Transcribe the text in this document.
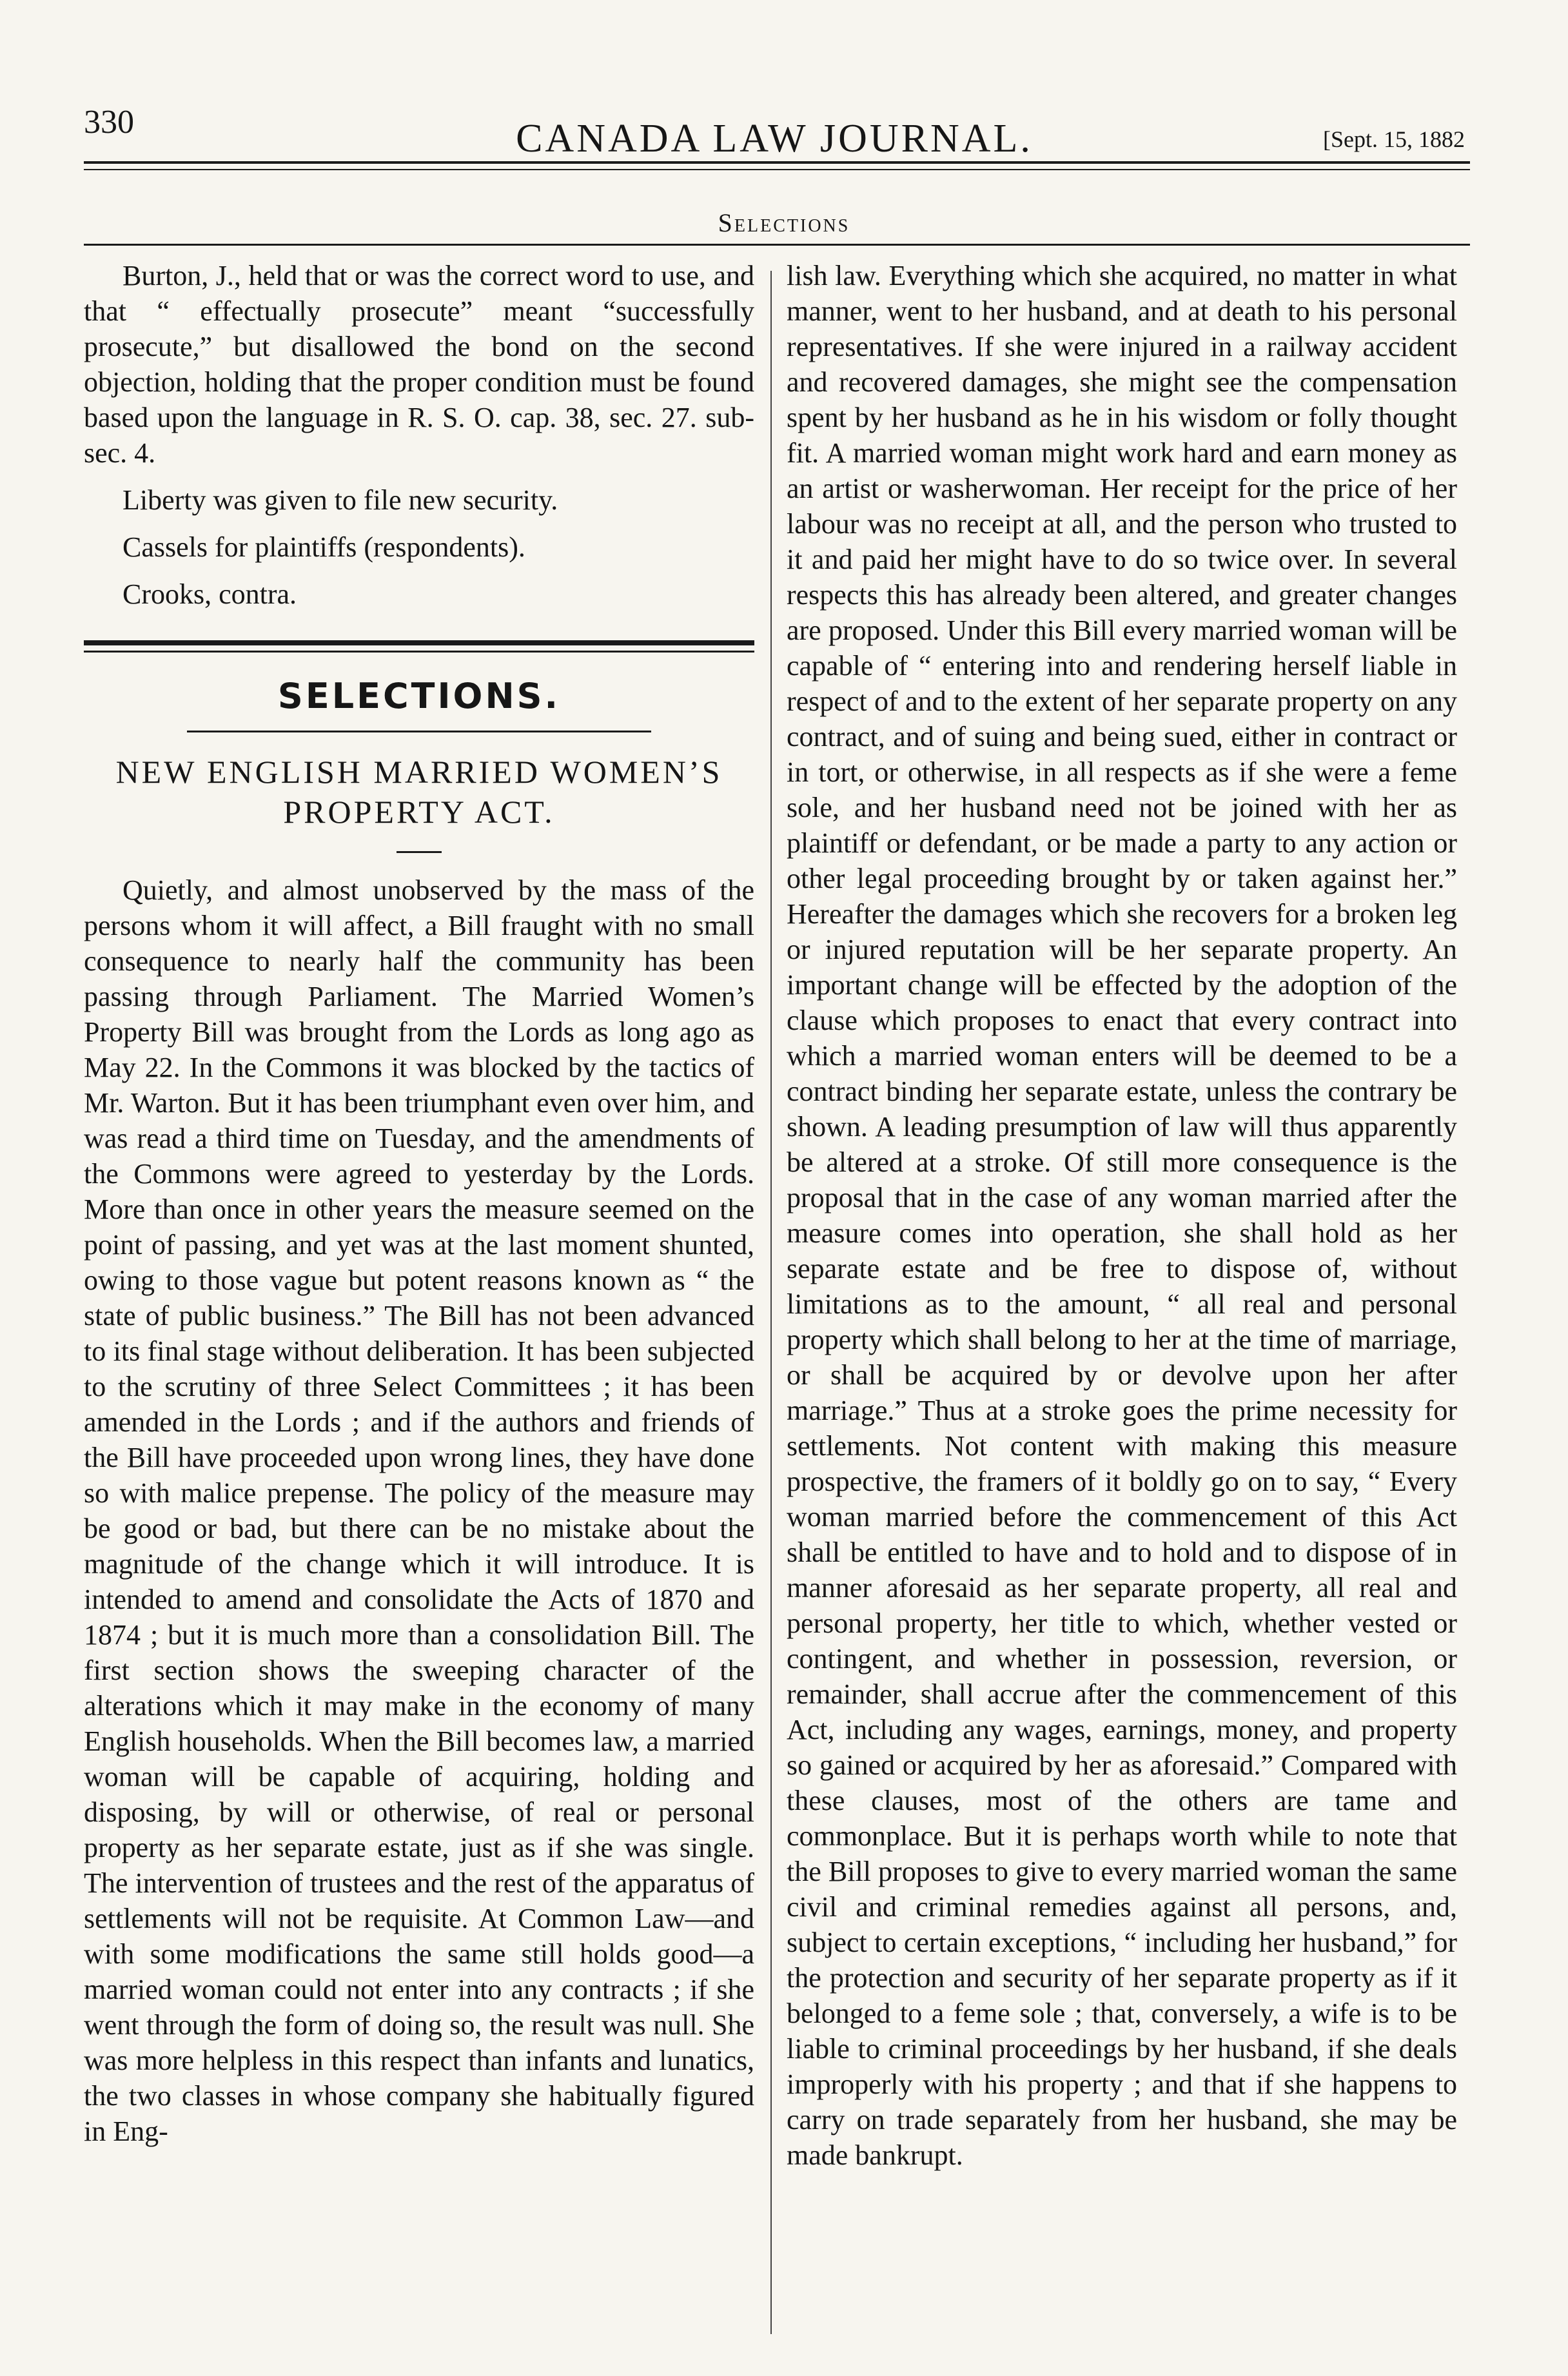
330	CANADA LAW JOURNAL.	[Sept. 15, 1882
Selections

Burton, J., held that or was the correct word to use, and that “ effectually prosecute” meant “successfully prosecute,” but disallowed the bond on the second objection, holding that the proper condition must be found based upon the language in R. S. O. cap. 38, sec. 27. sub-sec. 4.

Liberty was given to file new security.

Cassels for plaintiffs (respondents).

Crooks, contra.

SELECTIONS.
NEW ENGLISH MARRIED WOMEN’S PROPERTY ACT.

Quietly, and almost unobserved by the mass of the persons whom it will affect, a Bill fraught with no small consequence to nearly half the community has been passing through Parliament. The Married Women’s Property Bill was brought from the Lords as long ago as May 22. In the Commons it was blocked by the tactics of Mr. Warton. But it has been triumphant even over him, and was read a third time on Tuesday, and the amendments of the Commons were agreed to yesterday by the Lords. More than once in other years the measure seemed on the point of passing, and yet was at the last moment shunted, owing to those vague but potent reasons known as “ the state of public business.” The Bill has not been advanced to its final stage without deliberation. It has been subjected to the scrutiny of three Select Committees ; it has been amended in the Lords ; and if the authors and friends of the Bill have proceeded upon wrong lines, they have done so with malice prepense. The policy of the measure may be good or bad, but there can be no mistake about the magnitude of the change which it will introduce. It is intended to amend and consolidate the Acts of 1870 and 1874 ; but it is much more than a consolidation Bill. The first section shows the sweeping character of the alterations which it may make in the economy of many English households. When the Bill becomes law, a married woman will be capable of acquiring, holding and disposing, by will or otherwise, of real or personal property as her separate estate, just as if she was single. The intervention of trustees and the rest of the apparatus of settlements will not be requisite. At Common Law—and with some modifications the same still holds good—a married woman could not enter into any contracts ; if she went through the form of doing so, the result was null. She was more helpless in this respect than infants and lunatics, the two classes in whose company she habitually figured in Eng-

lish law. Everything which she acquired, no matter in what manner, went to her husband, and at death to his personal representatives. If she were injured in a railway accident and recovered damages, she might see the compensation spent by her husband as he in his wisdom or folly thought fit. A married woman might work hard and earn money as an artist or washerwoman. Her receipt for the price of her labour was no receipt at all, and the person who trusted to it and paid her might have to do so twice over. In several respects this has already been altered, and greater changes are proposed. Under this Bill every married woman will be capable of “ entering into and rendering herself liable in respect of and to the extent of her separate property on any contract, and of suing and being sued, either in contract or in tort, or otherwise, in all respects as if she were a feme sole, and her husband need not be joined with her as plaintiff or defendant, or be made a party to any action or other legal proceeding brought by or taken against her.” Hereafter the damages which she recovers for a broken leg or injured reputation will be her separate property. An important change will be effected by the adoption of the clause which proposes to enact that every contract into which a married woman enters will be deemed to be a contract binding her separate estate, unless the contrary be shown. A leading presumption of law will thus apparently be altered at a stroke. Of still more consequence is the proposal that in the case of any woman married after the measure comes into operation, she shall hold as her separate estate and be free to dispose of, without limitations as to the amount, “ all real and personal property which shall belong to her at the time of marriage, or shall be acquired by or devolve upon her after marriage.” Thus at a stroke goes the prime necessity for settlements. Not content with making this measure prospective, the framers of it boldly go on to say, “ Every woman married before the commencement of this Act shall be entitled to have and to hold and to dispose of in manner aforesaid as her separate property, all real and personal property, her title to which, whether vested or contingent, and whether in possession, reversion, or remainder, shall accrue after the commencement of this Act, including any wages, earnings, money, and property so gained or acquired by her as aforesaid.” Compared with these clauses, most of the others are tame and commonplace. But it is perhaps worth while to note that the Bill proposes to give to every married woman the same civil and criminal remedies against all persons, and, subject to certain exceptions, “ including her husband,” for the protection and security of her separate property as if it belonged to a feme sole ; that, conversely, a wife is to be liable to criminal proceedings by her husband, if she deals improperly with his property ; and that if she happens to carry on trade separately from her husband, she may be made bankrupt.
